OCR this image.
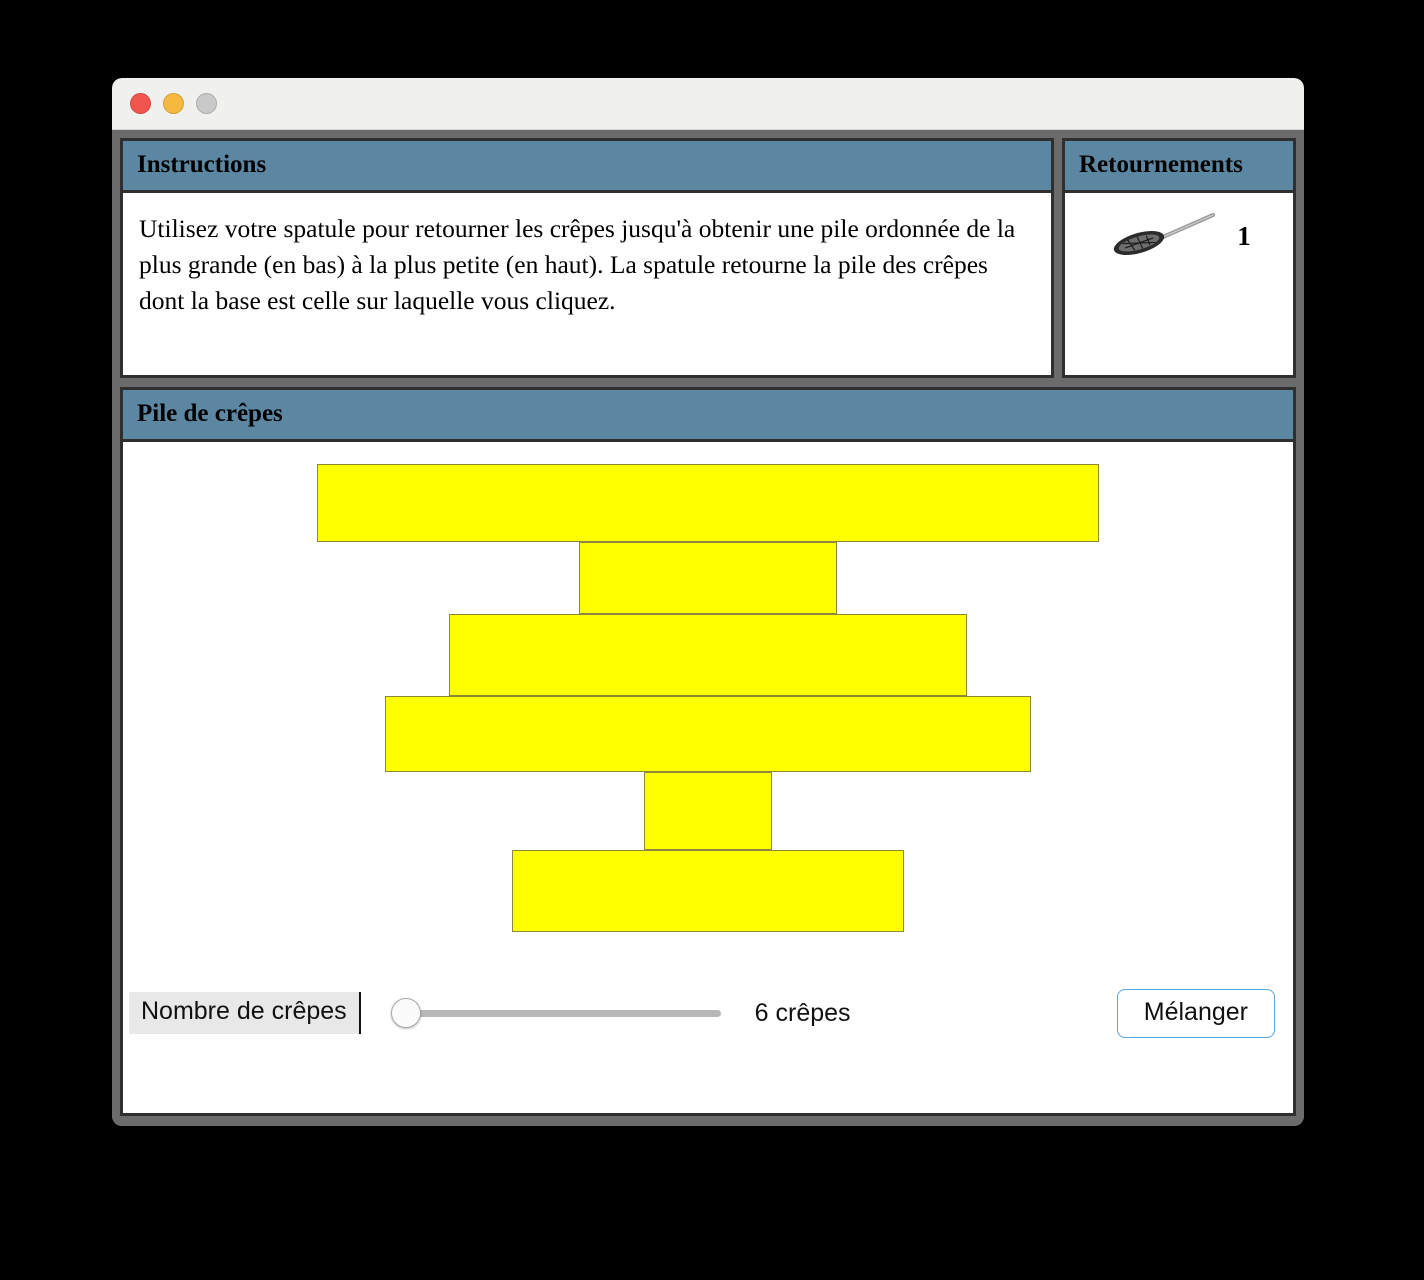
Instructions
Utilisez votre spatule pour retourner les crêpes jusqu'à obtenir une pile ordonnée de la plus grande (en bas) à la plus petite (en haut). La spatule retourne la pile des crêpes dont la base est celle sur laquelle vous cliquez.
Retournements
1
Pile de crêpes
Nombre de crêpes	6 crêpes	Mélanger
